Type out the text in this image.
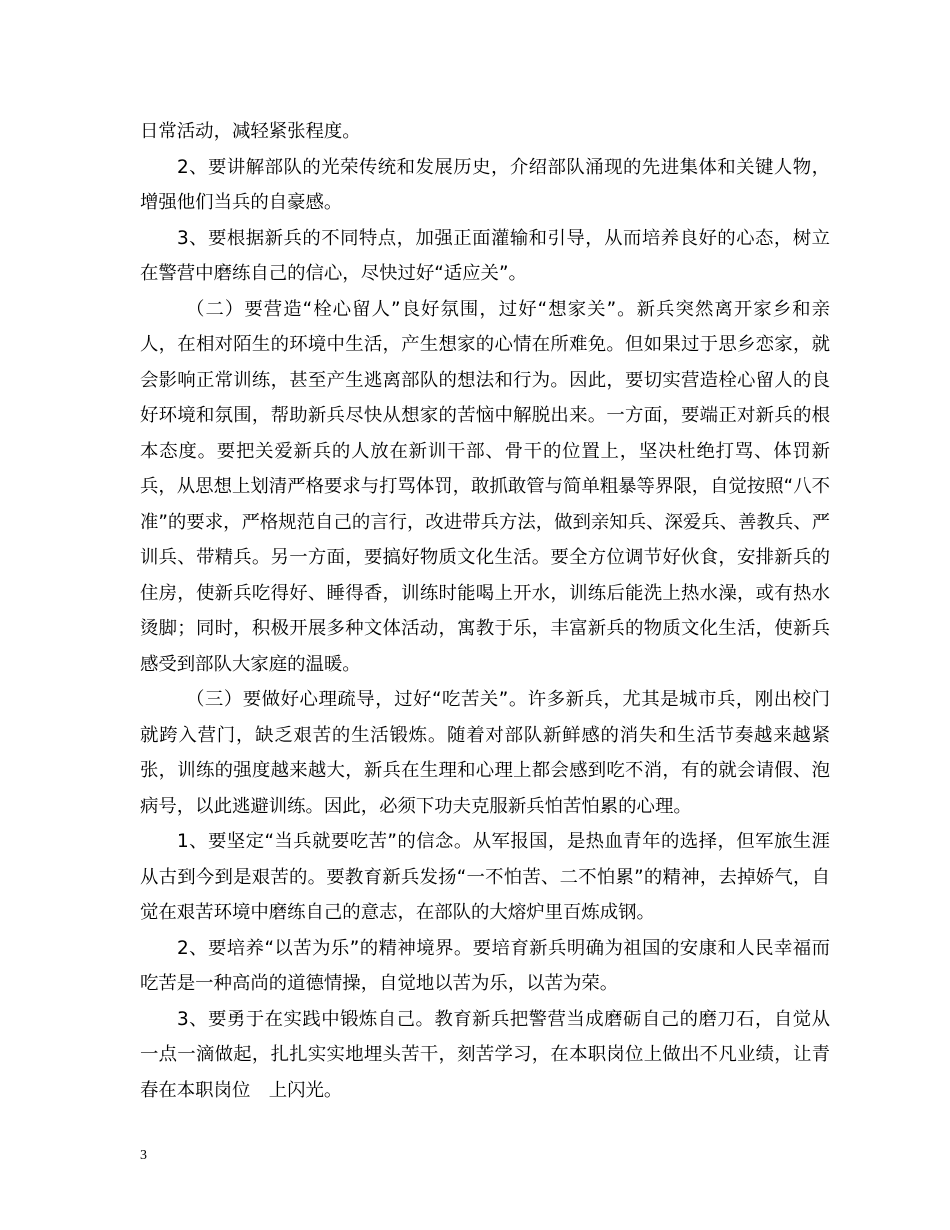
日常活动，减轻紧张程度。

2、要讲解部队的光荣传统和发展历史，介绍部队涌现的先进集体和关键人物，增强他们当兵的自豪感。

3、要根据新兵的不同特点，加强正面灌输和引导，从而培养良好的心态，树立在警营中磨练自己的信心，尽快过好“适应关”。

（二）要营造“栓心留人”良好氛围，过好“想家关”。新兵突然离开家乡和亲人，在相对陌生的环境中生活，产生想家的心情在所难免。但如果过于思乡恋家，就会影响正常训练，甚至产生逃离部队的想法和行为。因此，要切实营造栓心留人的良好环境和氛围，帮助新兵尽快从想家的苦恼中解脱出来。一方面，要端正对新兵的根本态度。要把关爱新兵的人放在新训干部、骨干的位置上，坚决杜绝打骂、体罚新兵，从思想上划清严格要求与打骂体罚，敢抓敢管与简单粗暴等界限，自觉按照“八不准”的要求，严格规范自己的言行，改进带兵方法，做到亲知兵、深爱兵、善教兵、严训兵、带精兵。另一方面，要搞好物质文化生活。要全方位调节好伙食，安排新兵的住房，使新兵吃得好、睡得香，训练时能喝上开水，训练后能洗上热水澡，或有热水烫脚；同时，积极开展多种文体活动，寓教于乐，丰富新兵的物质文化生活，使新兵感受到部队大家庭的温暖。

（三）要做好心理疏导，过好“吃苦关”。许多新兵，尤其是城市兵，刚出校门就跨入营门，缺乏艰苦的生活锻炼。随着对部队新鲜感的消失和生活节奏越来越紧张，训练的强度越来越大，新兵在生理和心理上都会感到吃不消，有的就会请假、泡病号，以此逃避训练。因此，必须下功夫克服新兵怕苦怕累的心理。

1、要坚定“当兵就要吃苦”的信念。从军报国，是热血青年的选择，但军旅生涯从古到今到是艰苦的。要教育新兵发扬“一不怕苦、二不怕累”的精神，去掉娇气，自觉在艰苦环境中磨练自己的意志，在部队的大熔炉里百炼成钢。

2、要培养“以苦为乐”的精神境界。要培育新兵明确为祖国的安康和人民幸福而吃苦是一种高尚的道德情操，自觉地以苦为乐，以苦为荣。

3、要勇于在实践中锻炼自己。教育新兵把警营当成磨砺自己的磨刀石，自觉从一点一滴做起，扎扎实实地埋头苦干，刻苦学习，在本职岗位上做出不凡业绩，让青春在本职岗位　上闪光。

3
